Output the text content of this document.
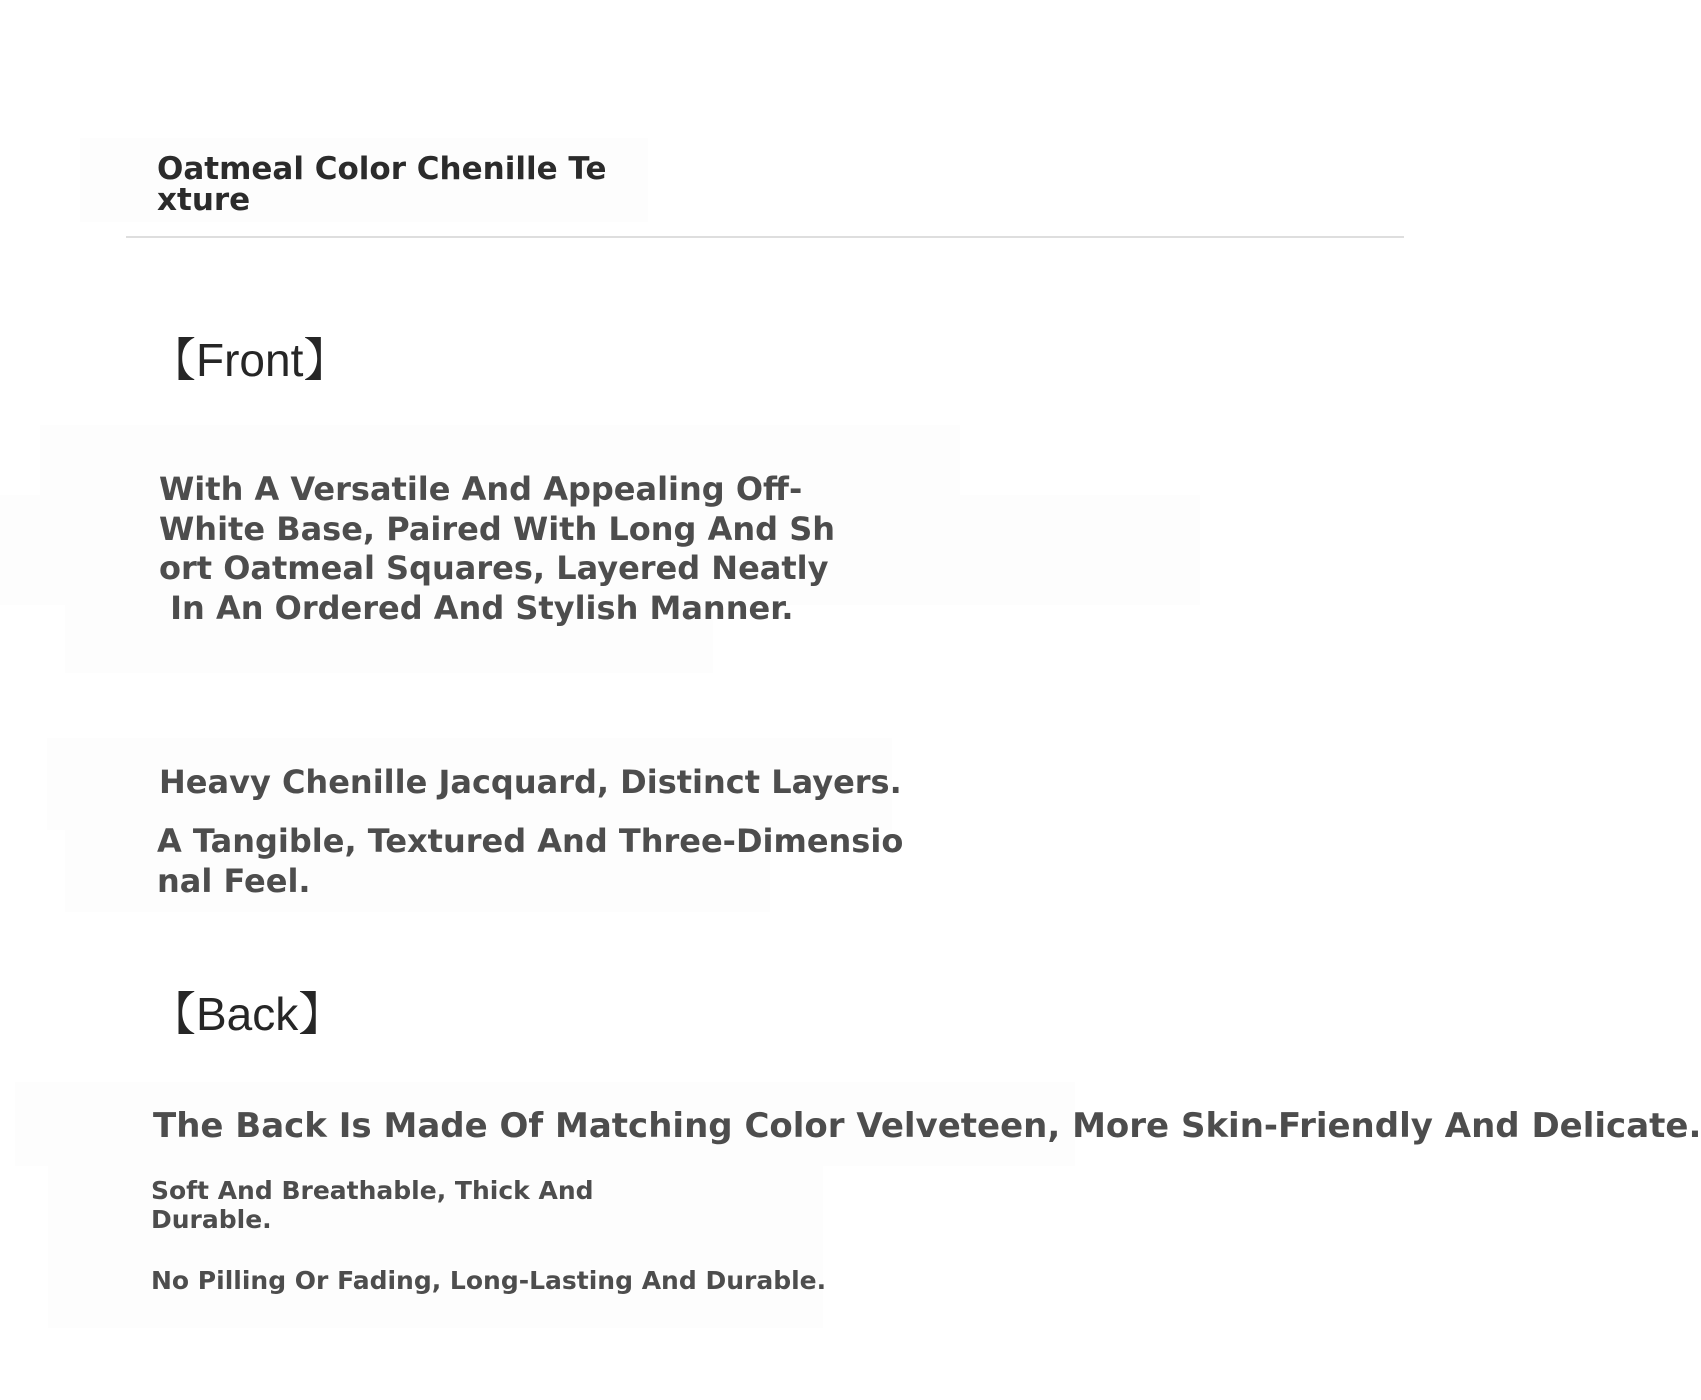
Oatmeal Color Chenille Te
xture
【Front】

With A Versatile And Appealing Off-
White Base, Paired With Long And Sh
ort Oatmeal Squares, Layered Neatly
In An Ordered And Stylish Manner.

Heavy Chenille Jacquard, Distinct Layers.

A Tangible, Textured And Three-Dimensio
nal Feel.

【Back】

The Back Is Made Of Matching Color Velveteen, More Skin-Friendly And Delicate.

Soft And Breathable, Thick And
Durable.

No Pilling Or Fading, Long-Lasting And Durable.
